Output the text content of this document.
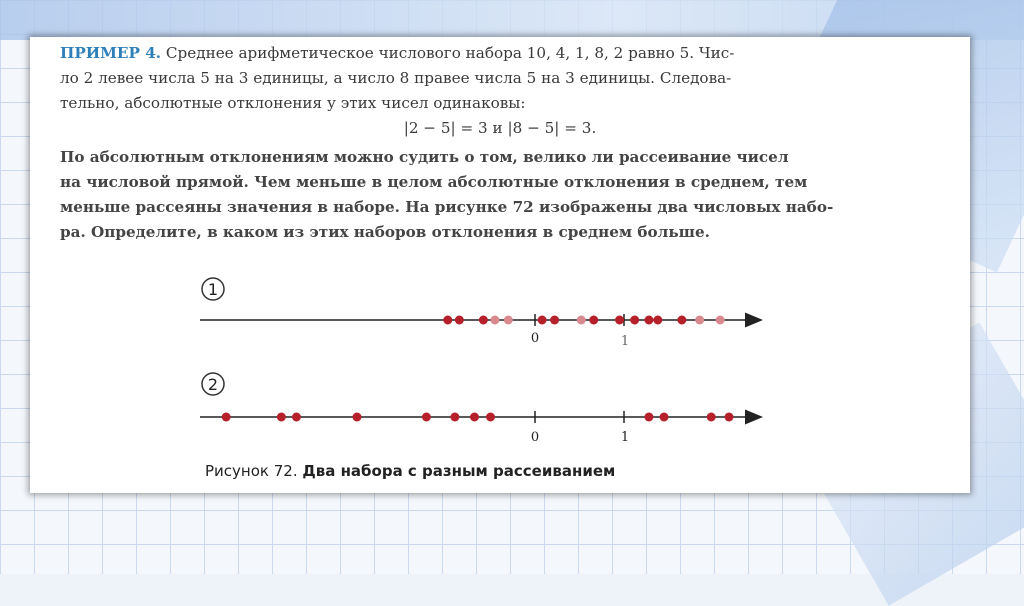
ПРИМЕР 4. Среднее арифметическое числового набора 10, 4, 1, 8, 2 равно 5. Чис-

ло 2 левее числа 5 на 3 единицы, а число 8 правее числа 5 на 3 единицы. Следова-

тельно, абсолютные отклонения у этих чисел одинаковы:

|2 − 5| = 3 и |8 − 5| = 3.

По абсолютным отклонениям можно судить о том, велико ли рассеивание чисел

на числовой прямой. Чем меньше в целом абсолютные отклонения в среднем, тем

меньше рассеяны значения в наборе. На рисунке 72 изображены два числовых набо-

ра. Определите, в каком из этих наборов отклонения в среднем больше.

1
0	1
2
0	1
Рисунок 72. Два набора с разным рассеиванием
